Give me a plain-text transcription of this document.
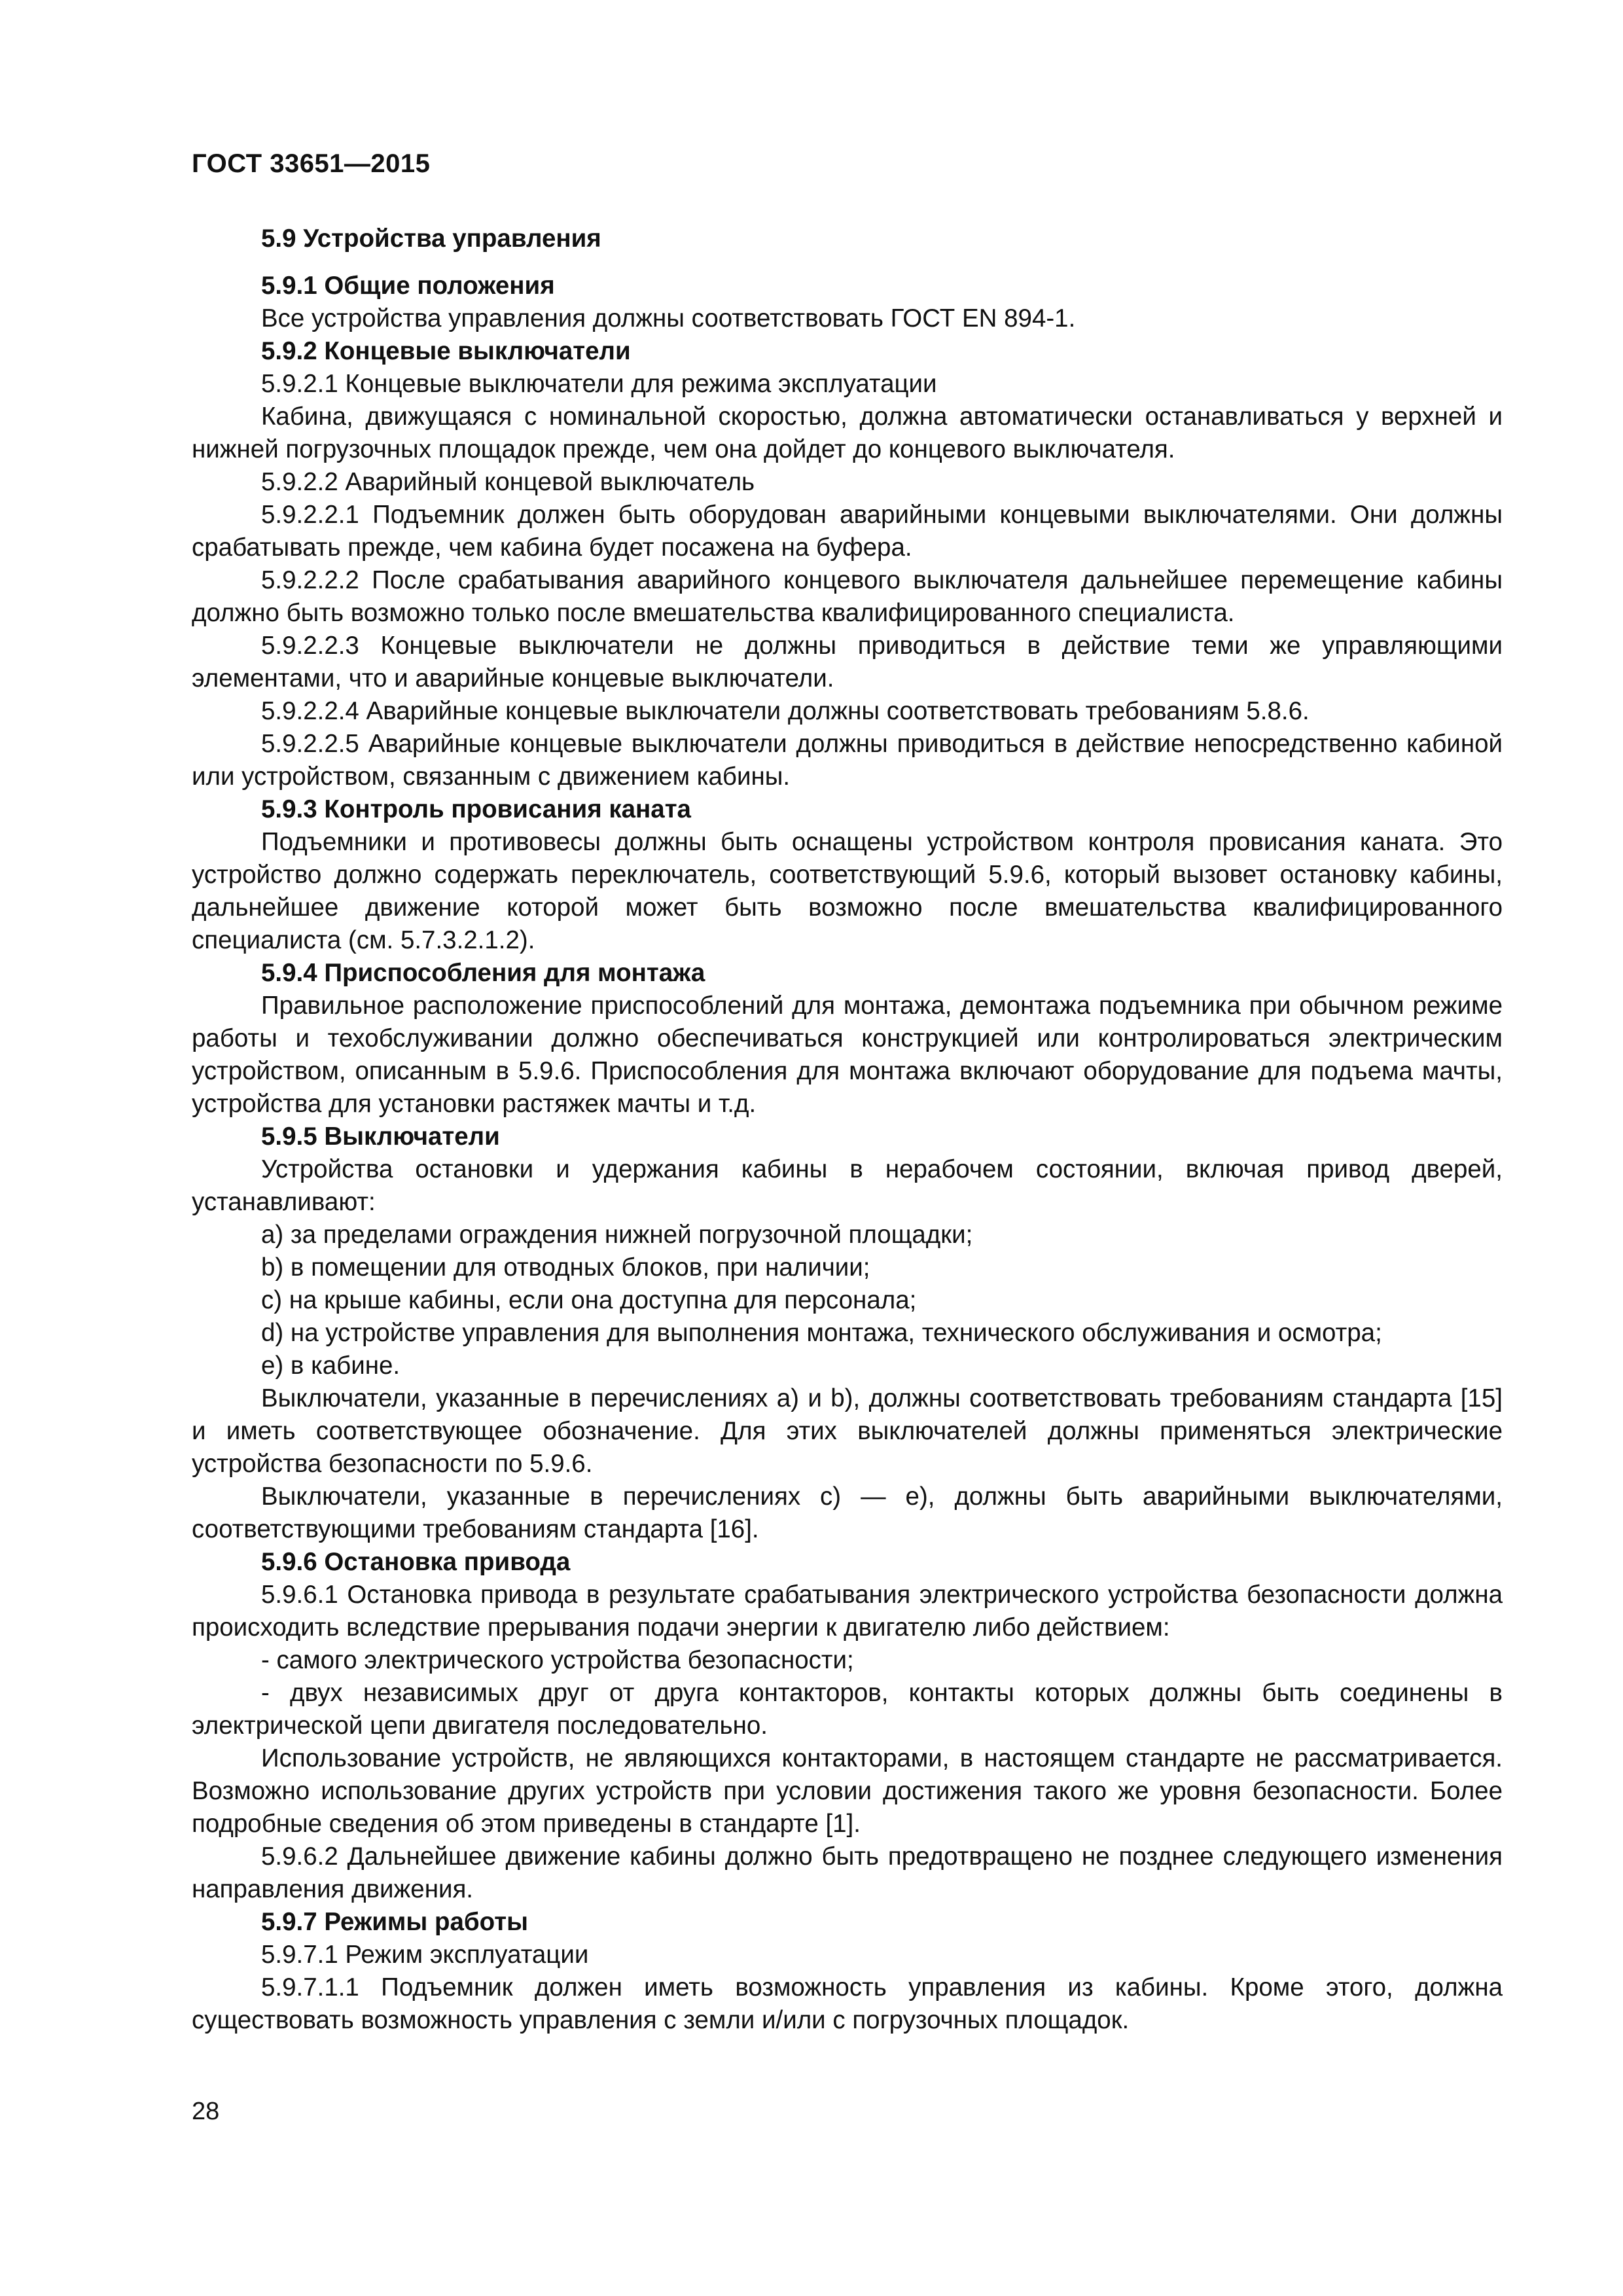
ГОСТ 33651—2015

5.9 Устройства управления

5.9.1 Общие положения

Все устройства управления должны соответствовать ГОСТ EN 894-1.

5.9.2 Концевые выключатели

5.9.2.1 Концевые выключатели для режима эксплуатации

Кабина, движущаяся с номинальной скоростью, должна автоматически останавливаться у верхней и нижней погрузочных площадок прежде, чем она дойдет до концевого выключателя.

5.9.2.2 Аварийный концевой выключатель

5.9.2.2.1 Подъемник должен быть оборудован аварийными концевыми выключателями. Они должны срабатывать прежде, чем кабина будет посажена на буфера.

5.9.2.2.2 После срабатывания аварийного концевого выключателя дальнейшее перемещение кабины должно быть возможно только после вмешательства квалифицированного специалиста.

5.9.2.2.3 Концевые выключатели не должны приводиться в действие теми же управляющими элементами, что и аварийные концевые выключатели.

5.9.2.2.4 Аварийные концевые выключатели должны соответствовать требованиям 5.8.6.

5.9.2.2.5 Аварийные концевые выключатели должны приводиться в действие непосредственно кабиной или устройством, связанным с движением кабины.

5.9.3 Контроль провисания каната

Подъемники и противовесы должны быть оснащены устройством контроля провисания каната. Это устройство должно содержать переключатель, соответствующий 5.9.6, который вызовет остановку кабины, дальнейшее движение которой может быть возможно после вмешательства квалифицированного специалиста (см. 5.7.3.2.1.2).

5.9.4 Приспособления для монтажа

Правильное расположение приспособлений для монтажа, демонтажа подъемника при обычном режиме работы и техобслуживании должно обеспечиваться конструкцией или контролироваться электрическим устройством, описанным в 5.9.6. Приспособления для монтажа включают оборудование для подъема мачты, устройства для установки растяжек мачты и т.д.

5.9.5 Выключатели

Устройства остановки и удержания кабины в нерабочем состоянии, включая привод дверей, устанавливают:

a) за пределами ограждения нижней погрузочной площадки;

b) в помещении для отводных блоков, при наличии;

c) на крыше кабины, если она доступна для персонала;

d) на устройстве управления для выполнения монтажа, технического обслуживания и осмотра;

e) в кабине.

Выключатели, указанные в перечислениях a) и b), должны соответствовать требованиям стандарта [15] и иметь соответствующее обозначение. Для этих выключателей должны применяться электрические устройства безопасности по 5.9.6.

Выключатели, указанные в перечислениях c) — e), должны быть аварийными выключателями, соответствующими требованиям стандарта [16].

5.9.6 Остановка привода

5.9.6.1 Остановка привода в результате срабатывания электрического устройства безопасности должна происходить вследствие прерывания подачи энергии к двигателю либо действием:

- самого электрического устройства безопасности;

- двух независимых друг от друга контакторов, контакты которых должны быть соединены в электрической цепи двигателя последовательно.

Использование устройств, не являющихся контакторами, в настоящем стандарте не рассматривается. Возможно использование других устройств при условии достижения такого же уровня безопасности. Более подробные сведения об этом приведены в стандарте [1].

5.9.6.2 Дальнейшее движение кабины должно быть предотвращено не позднее следующего изменения направления движения.

5.9.7 Режимы работы

5.9.7.1 Режим эксплуатации

5.9.7.1.1 Подъемник должен иметь возможность управления из кабины. Кроме этого, должна существовать возможность управления с земли и/или с погрузочных площадок.

28
